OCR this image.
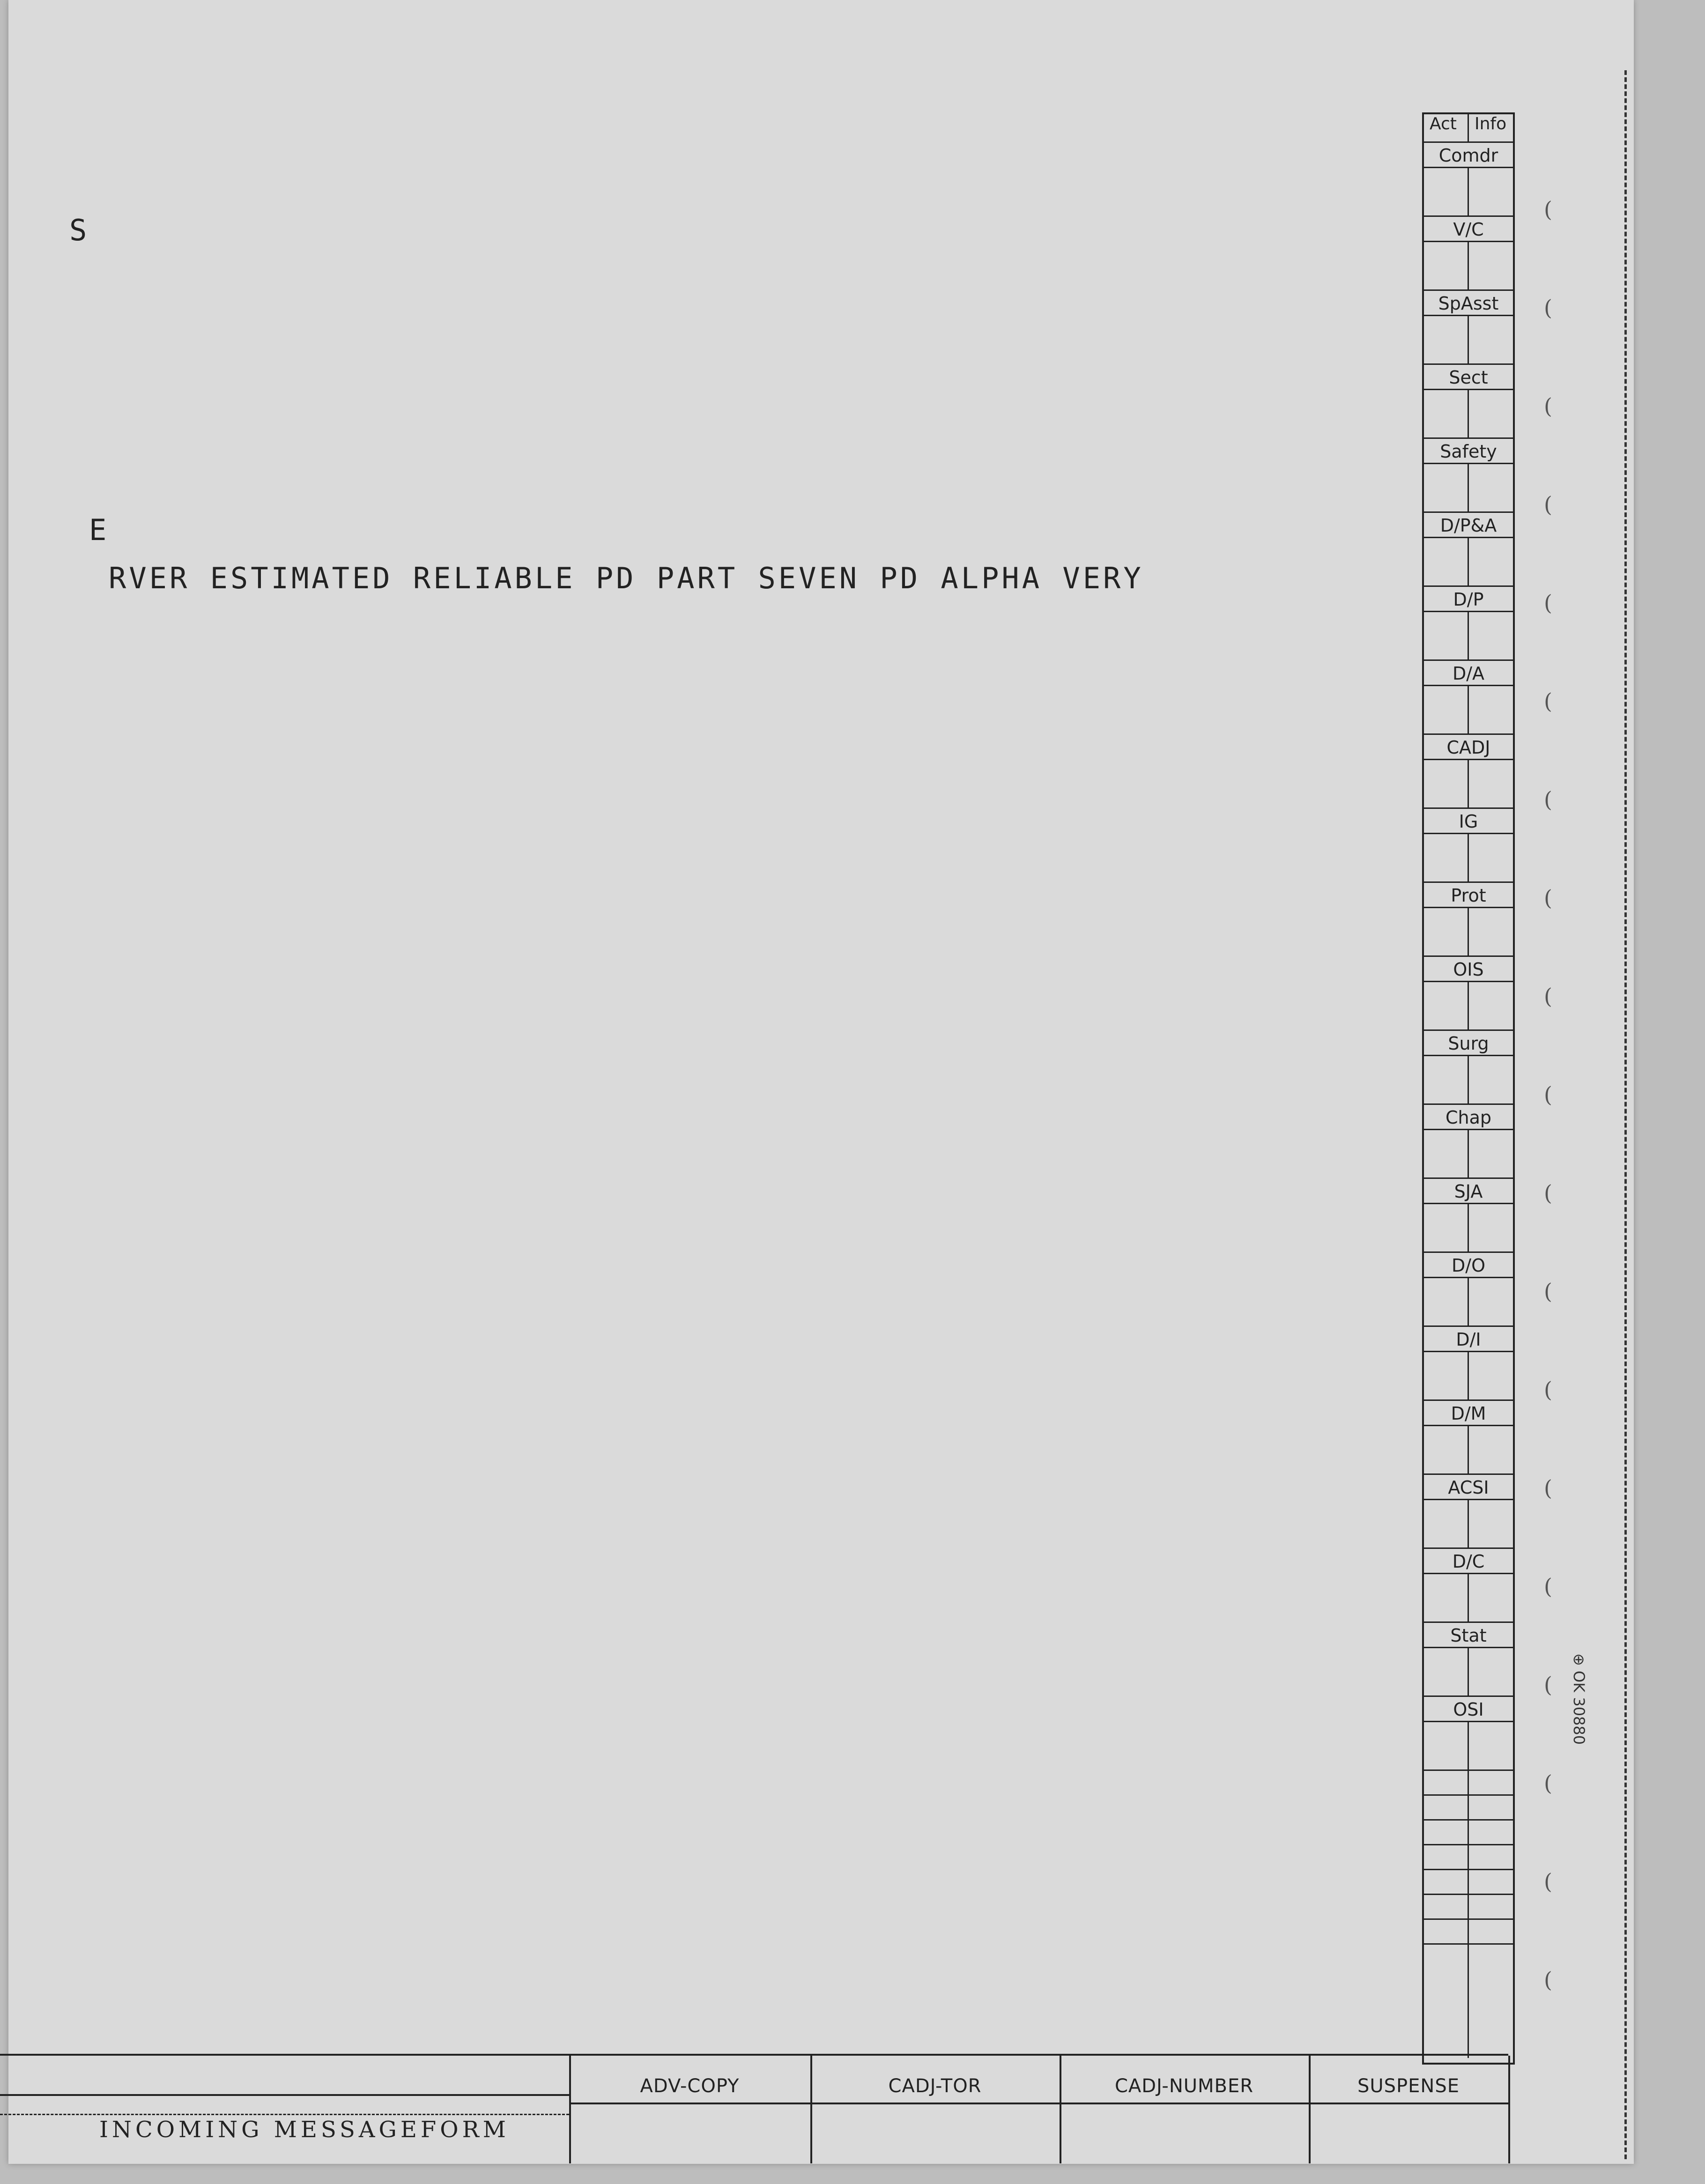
S
E
RVER ESTIMATED RELIABLE PD PART SEVEN PD ALPHA VERY
Act Info
Comdr
V/C
SpAsst
Sect
Safety
D/P&A
D/P
D/A
CADJ
IG
Prot
OIS
Surg
Chap
SJA
D/O
D/I
D/M
ACSI
D/C
Stat
OSI	⊕ OK 30880
ADV-COPY	CADJ-TOR	CADJ-NUMBER	SUSPENSE
INCOMING MESSAGEFORM
(
(
(
(
(
(
(
(
(
(
(
(
(
(
(
(
(
(
(
